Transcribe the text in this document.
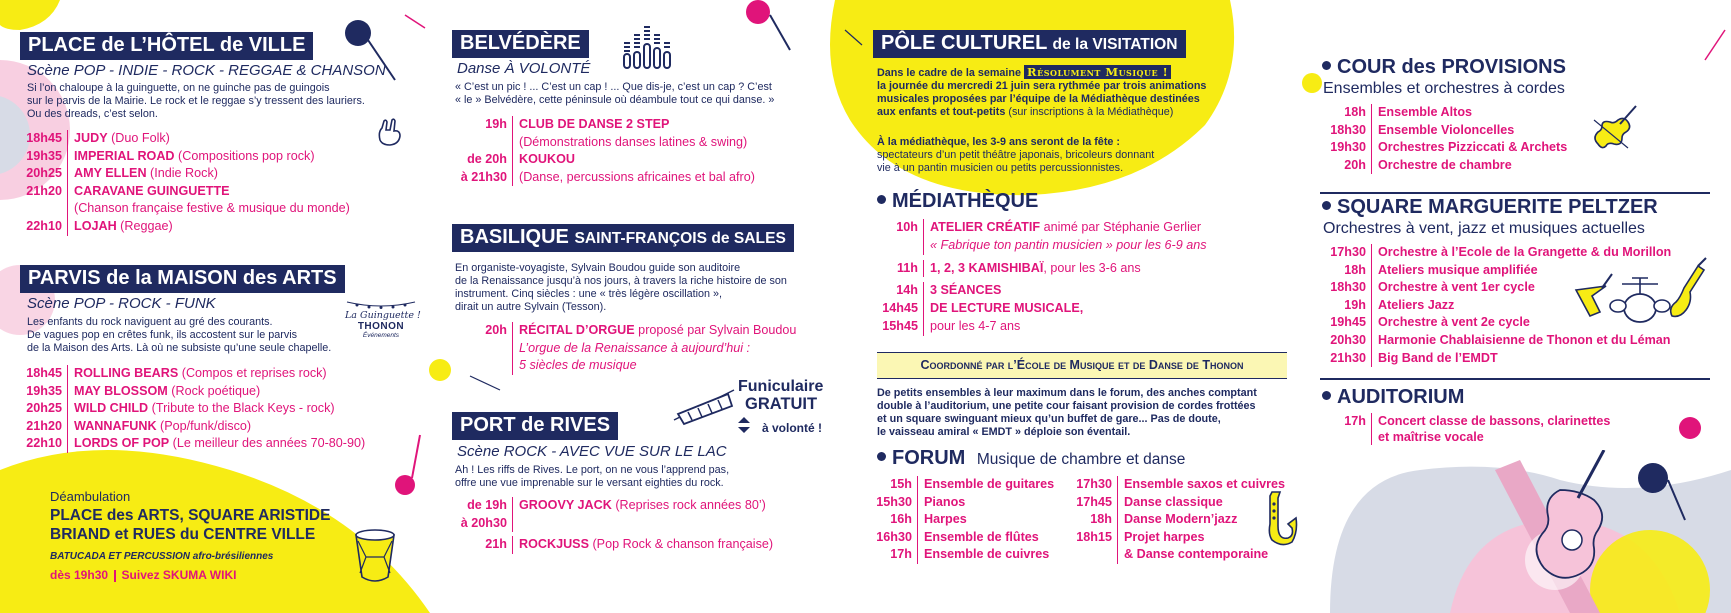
PLACE de L’HÔTEL de VILLE
Scène POP - INDIE - ROCK - REGGAE & CHANSON
Si l’on chaloupe à la guinguette, on ne guinche pas de guingois
sur le parvis de la Mairie. Le rock et le reggae s’y tressent des lauriers.
Ou des dreads, c’est selon.
18h45 JUDY (Duo Folk)
19h35 IMPERIAL ROAD (Compositions pop rock)
20h25 AMY ELLEN (Indie Rock)
21h20 CARAVANE GUINGUETTE
(Chanson française festive & musique du monde)
22h10 LOJAH (Reggae)
PARVIS de la MAISON des ARTS
Scène POP - ROCK - FUNK
Les enfants du rock naviguent au gré des courants.
De vagues pop en crêtes funk, ils accostent sur le parvis
de la Maison des Arts. Là où ne subsiste qu’une seule chapelle.
La Guinguette !
THONON
Événements
18h45 ROLLING BEARS (Compos et reprises rock)
19h35 MAY BLOSSOM (Rock poétique)
20h25 WILD CHILD (Tribute to the Black Keys - rock)
21h20 WANNAFUNK (Pop/funk/disco)
22h10 LORDS OF POP (Le meilleur des années 70-80-90)
Déambulation
PLACE des ARTS, SQUARE ARISTIDE
BRIAND et RUES du CENTRE VILLE
BATUCADA ET PERCUSSION afro-brésiliennes
dès 19h30 Suivez SKUMA WIKI
BELVÉDÈRE
Danse À VOLONTÉ
« C’est un pic ! ... C’est un cap ! ... Que dis-je, c’est un cap ? C’est
« le » Belvédère, cette péninsule où déambule tout ce qui danse. »
19h CLUB DE DANSE 2 STEP
(Démonstrations danses latines & swing)
de 20h KOUKOU
à 21h30 (Danse, percussions africaines et bal afro)
BASILIQUE SAINT-FRANÇOIS de SALES
En organiste-voyagiste, Sylvain Boudou guide son auditoire
de la Renaissance jusqu’à nos jours, à travers la riche histoire de son
instrument. Cinq siècles : une « très légère oscillation »,
dirait un autre Sylvain (Tesson).
20h RÉCITAL D’ORGUE proposé par Sylvain Boudou
L’orgue de la Renaissance à aujourd’hui :
5 siècles de musique
Funiculaire
GRATUIT
à volonté !
PORT de RIVES
Scène ROCK - AVEC VUE SUR LE LAC
Ah ! Les riffs de Rives. Le port, on ne vous l’apprend pas,
offre une vue imprenable sur le versant eighties du rock.
de 19h GROOVY JACK (Reprises rock années 80’)
à 20h30
21h ROCKJUSS (Pop Rock & chanson française)
PÔLE CULTUREL de la VISITATION
Dans le cadre de la semaine Résolument Musique !
la journée du mercredi 21 juin sera rythmée par trois animations
musicales proposées par l’équipe de la Médiathèque destinées
aux enfants et tout-petits (sur inscriptions à la Médiathèque)
À la médiathèque, les 3-9 ans seront de la fête :
spectateurs d’un petit théâtre japonais, bricoleurs donnant
vie à un pantin musicien ou petits percussionnistes.
MÉDIATHÈQUE
10h ATELIER CRÉATIF animé par Stéphanie Gerlier
« Fabrique ton pantin musicien » pour les 6-9 ans
11h 1, 2, 3 KAMISHIBAÏ, pour les 3-6 ans
14h 3 SÉANCES
14h45 DE LECTURE MUSICALE,
15h45 pour les 4-7 ans
Coordonné par l’École de Musique et de Danse de Thonon
De petits ensembles à leur maximum dans le forum, des anches comptant
double à l’auditorium, une petite cour faisant provision de cordes frottées
et un square swinguant mieux qu’un buffet de gare... Pas de doute,
le vaisseau amiral « EMDT » déploie son éventail.
FORUM Musique de chambre et danse
15h Ensemble de guitares
15h30 Pianos
16h Harpes
16h30 Ensemble de flûtes
17h Ensemble de cuivres
17h30 Ensemble saxos et cuivres
17h45 Danse classique
18h Danse Modern’jazz
18h15 Projet harpes
& Danse contemporaine
COUR des PROVISIONS
Ensembles et orchestres à cordes
18h Ensemble Altos
18h30 Ensemble Violoncelles
19h30 Orchestres Pizziccati & Archets
20h Orchestre de chambre
SQUARE MARGUERITE PELTZER
Orchestres à vent, jazz et musiques actuelles
17h30 Orchestre à l’Ecole de la Grangette & du Morillon
18h Ateliers musique amplifiée
18h30 Orchestre à vent 1er cycle
19h Ateliers Jazz
19h45 Orchestre à vent 2e cycle
20h30 Harmonie Chablaisienne de Thonon et du Léman
21h30 Big Band de l’EMDT
AUDITORIUM
17h Concert classe de bassons, clarinettes
et maîtrise vocale
